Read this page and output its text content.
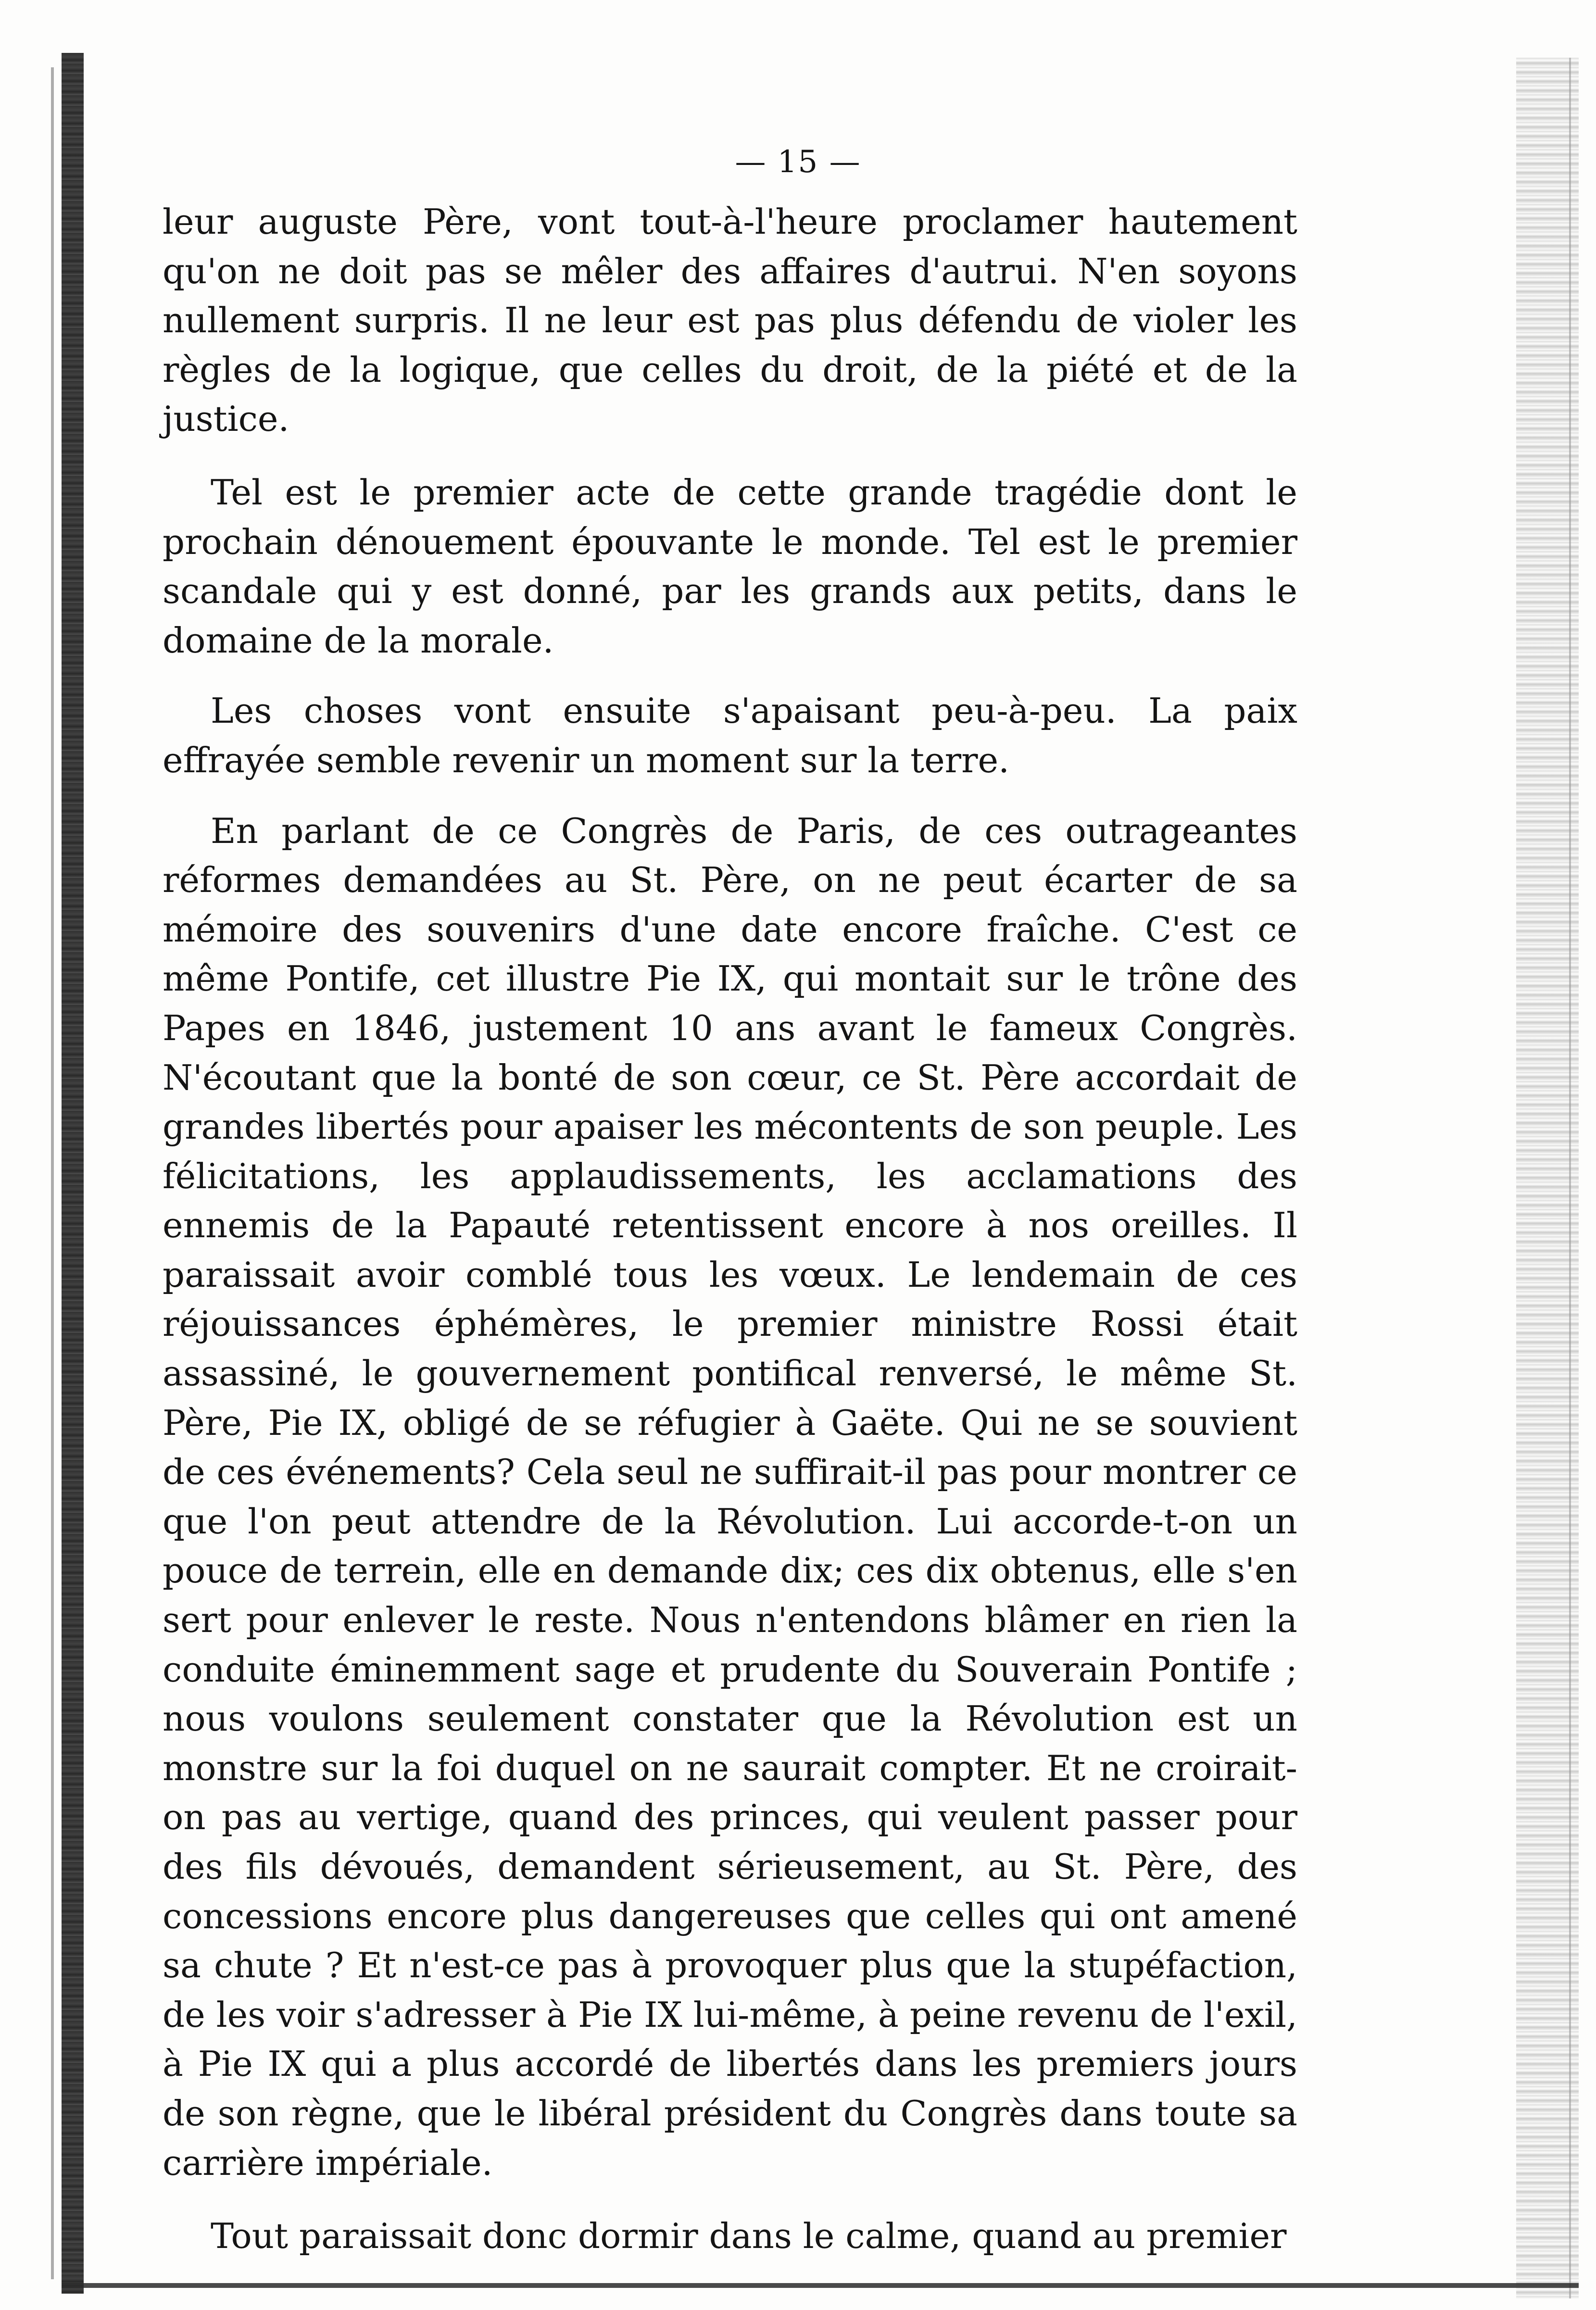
— 15 —

leur auguste Père, vont tout-à-l'heure proclamer hautement qu'on ne doit pas se mêler des affaires d'autrui. N'en soyons nullement surpris. Il ne leur est pas plus défendu de violer les règles de la logique, que celles du droit, de la piété et de la justice.

Tel est le premier acte de cette grande tragédie dont le prochain dénouement épouvante le monde. Tel est le premier scandale qui y est donné, par les grands aux petits, dans le domaine de la morale.

Les choses vont ensuite s'apaisant peu-à-peu. La paix effrayée semble revenir un moment sur la terre.

En parlant de ce Congrès de Paris, de ces outrageantes réformes demandées au St. Père, on ne peut écarter de sa mémoire des souvenirs d'une date encore fraîche. C'est ce même Pontife, cet illustre Pie IX, qui montait sur le trône des Papes en 1846, justement 10 ans avant le fameux Congrès. N'écoutant que la bonté de son cœur, ce St. Père accordait de grandes libertés pour apaiser les mécontents de son peuple. Les félicitations, les applaudissements, les acclamations des ennemis de la Papauté retentissent encore à nos oreilles. Il paraissait avoir comblé tous les vœux. Le lendemain de ces réjouissances éphémères, le premier ministre Rossi était assassiné, le gouvernement pontifical renversé, le même St. Père, Pie IX, obligé de se réfugier à Gaëte. Qui ne se souvient de ces événements? Cela seul ne suffirait-il pas pour montrer ce que l'on peut attendre de la Révolution. Lui accorde-t-on un pouce de terrein, elle en demande dix; ces dix obtenus, elle s'en sert pour enlever le reste. Nous n'entendons blâmer en rien la conduite éminemment sage et prudente du Souverain Pontife ; nous voulons seulement constater que la Révolution est un monstre sur la foi duquel on ne saurait compter. Et ne croirait-on pas au vertige, quand des princes, qui veulent passer pour des fils dévoués, demandent sérieusement, au St. Père, des concessions encore plus dangereuses que celles qui ont amené sa chute ? Et n'est-ce pas à provoquer plus que la stupéfaction, de les voir s'adresser à Pie IX lui-même, à peine revenu de l'exil, à Pie IX qui a plus accordé de libertés dans les premiers jours de son règne, que le libéral président du Congrès dans toute sa carrière impériale.

Tout paraissait donc dormir dans le calme, quand au premier
